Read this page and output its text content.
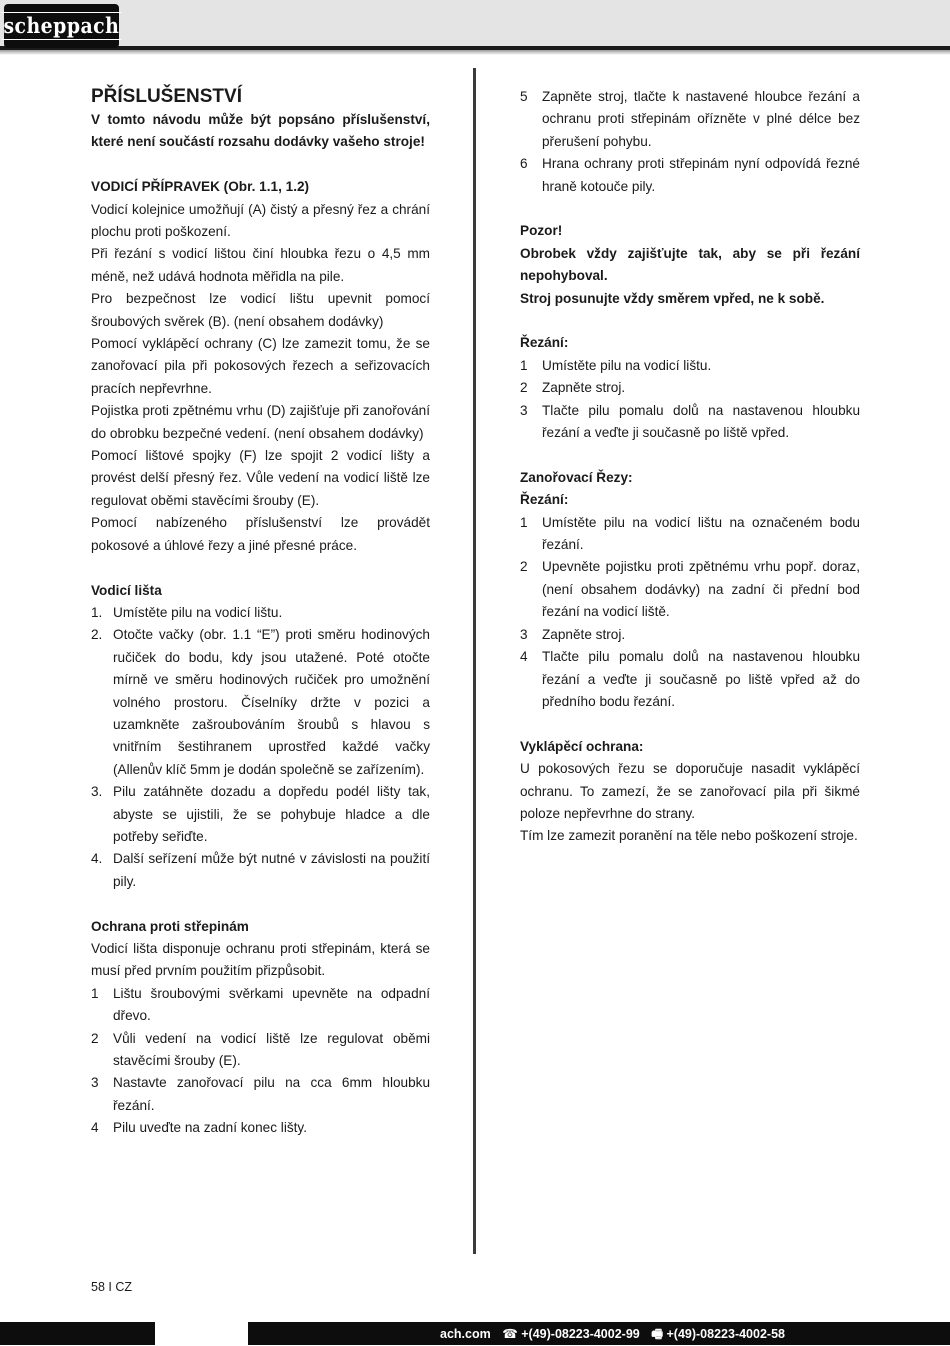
scheppach
PŘÍSLUŠENSTVÍ

V tomto návodu může být popsáno příslušenství, které není součástí rozsahu dodávky vašeho stroje!

VODICÍ PŘÍPRAVEK (Obr. 1.1, 1.2)

Vodicí kolejnice umožňují (A) čistý a přesný řez a chrání plochu proti poškození.

Při řezání s vodicí lištou činí hloubka řezu o 4,5 mm méně, než udává hodnota měřidla na pile.

Pro bezpečnost lze vodicí lištu upevnit pomocí šroubových svěrek (B). (není obsahem dodávky)

Pomocí vyklápěcí ochrany (C) lze zamezit tomu, že se zanořovací pila při pokosových řezech a seřizovacích pracích nepřevrhne.

Pojistka proti zpětnému vrhu (D) zajišťuje při zanořování do obrobku bezpečné vedení. (není obsahem dodávky)

Pomocí lištové spojky (F) lze spojit 2 vodicí lišty a provést delší přesný řez. Vůle vedení na vodicí liště lze regulovat oběmi stavěcími šrouby (E).

Pomocí nabízeného příslušenství lze provádět pokosové a úhlové řezy a jiné přesné práce.

Vodicí lišta

1. Umístěte pilu na vodicí lištu.
2. Otočte vačky (obr. 1.1 “E”) proti směru hodinových ručiček do bodu, kdy jsou utažené. Poté otočte mírně ve směru hodinových ručiček pro umožnění volného prostoru. Číselníky držte v pozici a uzamkněte zašroubováním šroubů s hlavou s vnitřním šestihranem uprostřed každé vačky (Allenův klíč 5mm je dodán společně se zařízením).
3. Pilu zatáhněte dozadu a dopředu podél lišty tak, abyste se ujistili, že se pohybuje hladce a dle potřeby seřiďte.
4. Další seřízení může být nutné v závislosti na použití pily.

Ochrana proti střepinám

Vodicí lišta disponuje ochranu proti střepinám, která se musí před prvním použitím přizpůsobit.

1	Lištu šroubovými svěrkami upevněte na odpadní dřevo.
2	Vůli vedení na vodicí liště lze regulovat oběmi stavěcími šrouby (E).
3	Nastavte zanořovací pilu na cca 6mm hloubku řezání.
4	Pilu uveďte na zadní konec lišty.
5	Zapněte stroj, tlačte k nastavené hloubce řezání a ochranu proti střepinám ořízněte v plné délce bez přerušení pohybu.
6	Hrana ochrany proti střepinám nyní odpovídá řezné hraně kotouče pily.

Pozor!

Obrobek vždy zajišťujte tak, aby se při řezání nepohyboval.

Stroj posunujte vždy směrem vpřed, ne k sobě.

Řezání:

1	Umístěte pilu na vodicí lištu.
2	Zapněte stroj.
3	Tlačte pilu pomalu dolů na nastavenou hloubku řezání a veďte ji současně po liště vpřed.

Zanořovací Řezy:

Řezání:

1	Umístěte pilu na vodicí lištu na označeném bodu řezání.
2	Upevněte pojistku proti zpětnému vrhu popř. doraz, (není obsahem dodávky) na zadní či přední bod řezání na vodicí liště.
3	Zapněte stroj.
4	Tlačte pilu pomalu dolů na nastavenou hloubku řezání a veďte ji současně po liště vpřed až do předního bodu řezání.

Vyklápěcí ochrana:

U pokosových řezu se doporučuje nasadit vyklápěcí ochranu. To zamezí, že se zanořovací pila při šikmé poloze nepřevrhne do strany.

Tím lze zamezit poranění na těle nebo poškození stroje.

58 I CZ
ach.com ☎ +(49)-08223-4002-99 🖷 +(49)-08223-4002-58
